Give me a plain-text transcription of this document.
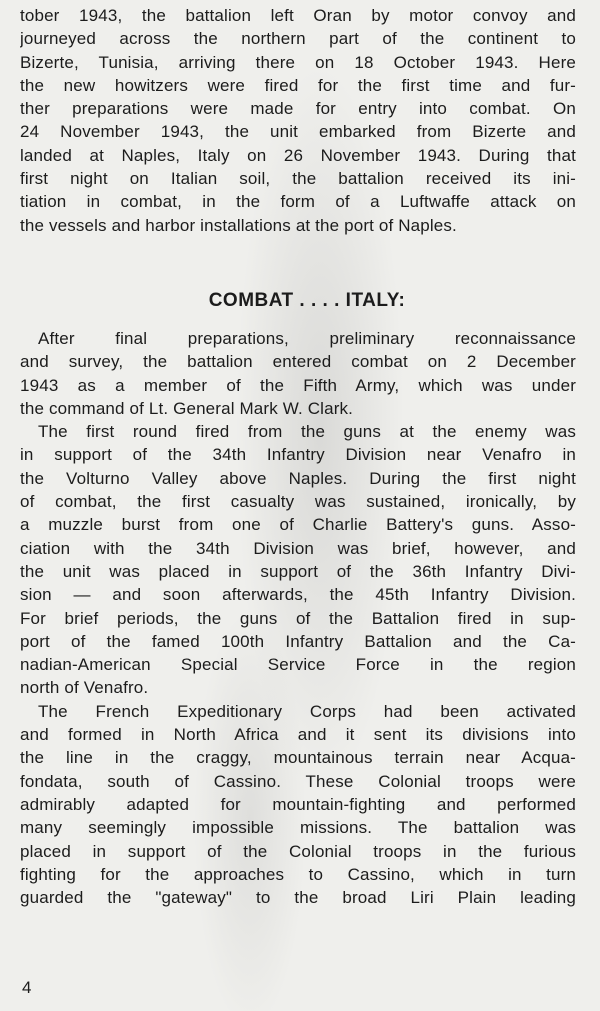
tober 1943, the battalion left Oran by motor convoy and
journeyed across the northern part of the continent to
Bizerte, Tunisia, arriving there on 18 October 1943. Here
the new howitzers were fired for the first time and fur-
ther preparations were made for entry into combat. On
24 November 1943, the unit embarked from Bizerte and
landed at Naples, Italy on 26 November 1943. During that
first night on Italian soil, the battalion received its ini-
tiation in combat, in the form of a Luftwaffe attack on
the vessels and harbor installations at the port of Naples.
COMBAT . . . . ITALY:
After final preparations, preliminary reconnaissance
and survey, the battalion entered combat on 2 December
1943 as a member of the Fifth Army, which was under
the command of Lt. General Mark W. Clark.
The first round fired from the guns at the enemy was
in support of the 34th Infantry Division near Venafro in
the Volturno Valley above Naples. During the first night
of combat, the first casualty was sustained, ironically, by
a muzzle burst from one of Charlie Battery's guns. Asso-
ciation with the 34th Division was brief, however, and
the unit was placed in support of the 36th Infantry Divi-
sion — and soon afterwards, the 45th Infantry Division.
For brief periods, the guns of the Battalion fired in sup-
port of the famed 100th Infantry Battalion and the Ca-
nadian-American Special Service Force in the region
north of Venafro.
The French Expeditionary Corps had been activated
and formed in North Africa and it sent its divisions into
the line in the craggy, mountainous terrain near Acqua-
fondata, south of Cassino. These Colonial troops were
admirably adapted for mountain-fighting and performed
many seemingly impossible missions. The battalion was
placed in support of the Colonial troops in the furious
fighting for the approaches to Cassino, which in turn
guarded the "gateway" to the broad Liri Plain leading
4
